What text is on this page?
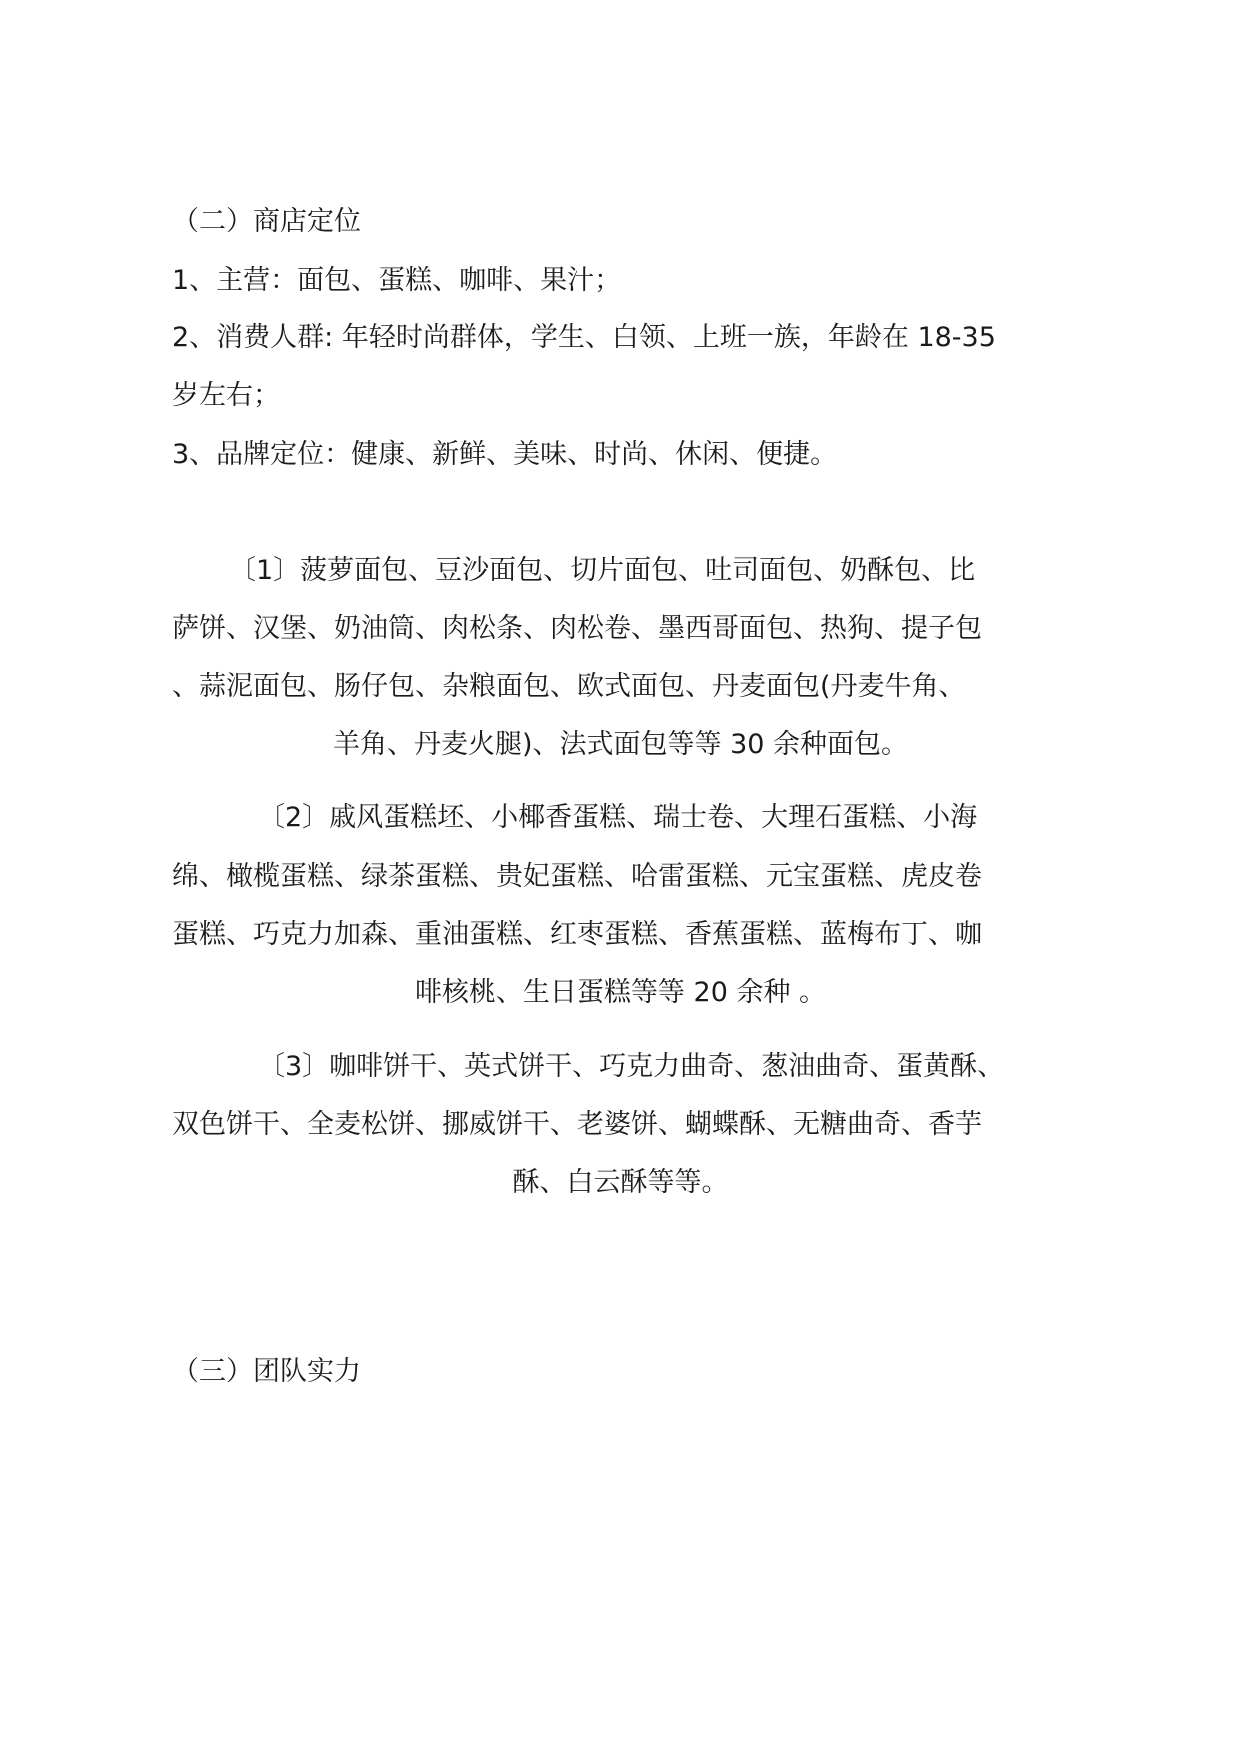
（二）商店定位
1、主营：面包、蛋糕、咖啡、果汁；
2、消费人群: 年轻时尚群体，学生、白领、上班一族，年龄在 18-35
岁左右；
3、品牌定位：健康、新鲜、美味、时尚、休闲、便捷。
〔1〕菠萝面包、豆沙面包、切片面包、吐司面包、奶酥包、比
萨饼、汉堡、奶油筒、肉松条、肉松卷、墨西哥面包、热狗、提子包
、蒜泥面包、肠仔包、杂粮面包、欧式面包、丹麦面包(丹麦牛角、
羊角、丹麦火腿)、法式面包等等 30 余种面包。
〔2〕戚风蛋糕坯、小椰香蛋糕、瑞士卷、大理石蛋糕、小海
绵、橄榄蛋糕、绿茶蛋糕、贵妃蛋糕、哈雷蛋糕、元宝蛋糕、虎皮卷
蛋糕、巧克力加森、重油蛋糕、红枣蛋糕、香蕉蛋糕、蓝梅布丁、咖
啡核桃、生日蛋糕等等 20 余种 。
〔3〕咖啡饼干、英式饼干、巧克力曲奇、葱油曲奇、蛋黄酥、
双色饼干、全麦松饼、挪威饼干、老婆饼、蝴蝶酥、无糖曲奇、香芋
酥、白云酥等等。
（三）团队实力
